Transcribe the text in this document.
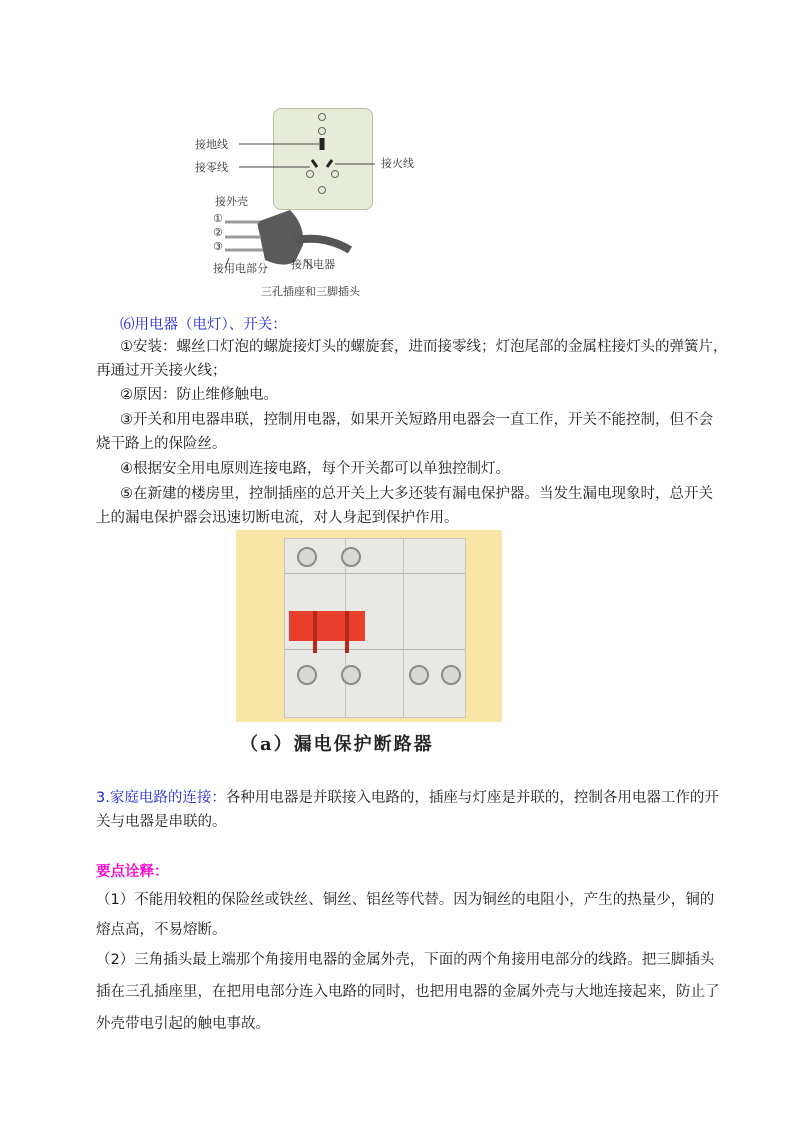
接地线
接零线	接火线
接外壳
①
②
③
接用电部分 接用电器
三孔插座和三脚插头
⑹用电器（电灯）、开关：
①安装：螺丝口灯泡的螺旋接灯头的螺旋套，进而接零线；灯泡尾部的金属柱接灯头的弹簧片，
再通过开关接火线；
②原因：防止维修触电。
③开关和用电器串联，控制用电器，如果开关短路用电器会一直工作，开关不能控制，但不会
烧干路上的保险丝。
④根据安全用电原则连接电路，每个开关都可以单独控制灯。
⑤在新建的楼房里，控制插座的总开关上大多还装有漏电保护器。当发生漏电现象时，总开关
上的漏电保护器会迅速切断电流，对人身起到保护作用。
（a）漏电保护断路器
3.家庭电路的连接：各种用电器是并联接入电路的，插座与灯座是并联的，控制各用电器工作的开
关与电器是串联的。
要点诠释：
（1）不能用较粗的保险丝或铁丝、铜丝、铝丝等代替。因为铜丝的电阻小，产生的热量少，铜的
熔点高，不易熔断。
（2）三角插头最上端那个角接用电器的金属外壳，下面的两个角接用电部分的线路。把三脚插头
插在三孔插座里，在把用电部分连入电路的同时，也把用电器的金属外壳与大地连接起来，防止了
外壳带电引起的触电事故。
